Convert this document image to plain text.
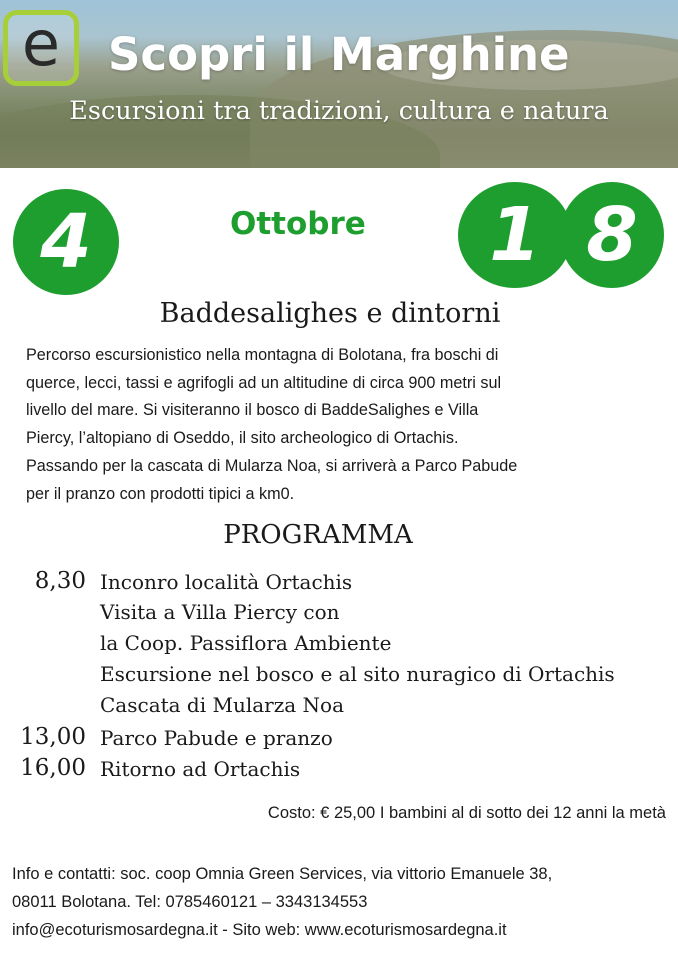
e Scopri il Marghine
Escursioni tra tradizioni, cultura e natura
4	Ottobre	1 8
Baddesalighes e dintorni

Percorso escursionistico nella montagna di Bolotana, fra boschi di
querce, lecci, tassi e agrifogli ad un altitudine di circa 900 metri sul
livello del mare. Si visiteranno il bosco di BaddeSalighes e Villa
Piercy, l’altopiano di Oseddo, il sito archeologico di Ortachis.
Passando per la cascata di Mularza Noa, si arriverà a Parco Pabude
per il pranzo con prodotti tipici a km0.

PROGRAMMA
8,30 Inconro località Ortachis
Visita a Villa Piercy con
la Coop. Passiflora Ambiente
Escursione nel bosco e al sito nuragico di Ortachis
Cascata di Mularza Noa
13,00 Parco Pabude e pranzo
16,00 Ritorno ad Ortachis
Costo: € 25,00 I bambini al di sotto dei 12 anni la metà

Info e contatti: soc. coop Omnia Green Services, via vittorio Emanuele 38,
08011 Bolotana. Tel: 0785460121 – 3343134553
info@ecoturismosardegna.it - Sito web: www.ecoturismosardegna.it
